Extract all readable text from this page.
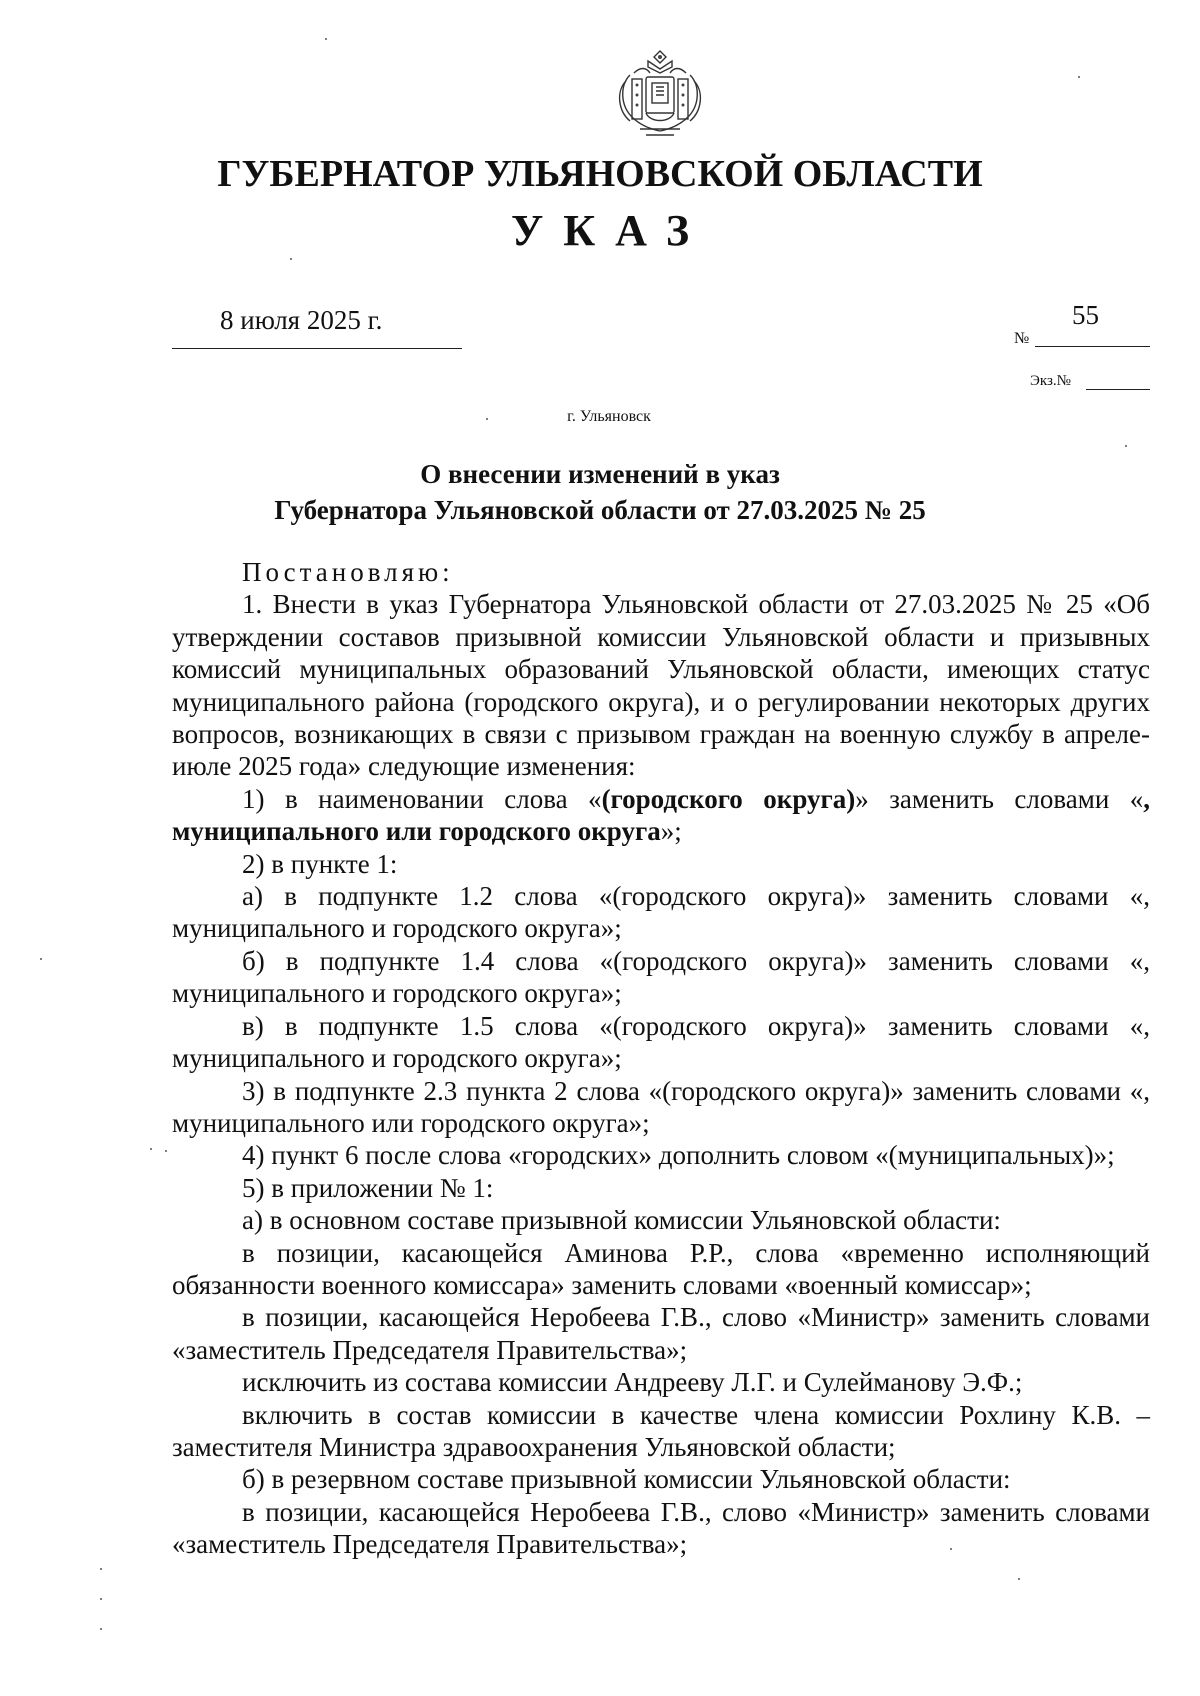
ГУБЕРНАТОР УЛЬЯНОВСКОЙ ОБЛАСТИ
УКАЗ
8 июля 2025 г.	55
№
Экз.№
г. Ульяновск
О внесении изменений в указ
Губернатора Ульяновской области от 27.03.2025 № 25

Постановляю:

1. Внести в указ Губернатора Ульяновской области от 27.03.2025 № 25 «Об утверждении составов призывной комиссии Ульяновской области и призывных комиссий муниципальных образований Ульяновской области, имеющих статус муниципального района (городского округа), и о регулировании некоторых других вопросов, возникающих в связи с призывом граждан на военную службу в апреле-июле 2025 года» следующие изменения:

1) в наименовании слова «(городского округа)» заменить словами «, муниципального или городского округа»;

2) в пункте 1:

а) в подпункте 1.2 слова «(городского округа)» заменить словами «, муниципального и городского округа»;

б) в подпункте 1.4 слова «(городского округа)» заменить словами «, муниципального и городского округа»;

в) в подпункте 1.5 слова «(городского округа)» заменить словами «, муниципального и городского округа»;

3) в подпункте 2.3 пункта 2 слова «(городского округа)» заменить словами «, муниципального или городского округа»;

4) пункт 6 после слова «городских» дополнить словом «(муниципальных)»;

5) в приложении № 1:

а) в основном составе призывной комиссии Ульяновской области:

в позиции, касающейся Аминова Р.Р., слова «временно исполняющий обязанности военного комиссара» заменить словами «военный комиссар»;

в позиции, касающейся Неробеева Г.В., слово «Министр» заменить словами «заместитель Председателя Правительства»;

исключить из состава комиссии Андрееву Л.Г. и Сулейманову Э.Ф.;

включить в состав комиссии в качестве члена комиссии Рохлину К.В. – заместителя Министра здравоохранения Ульяновской области;

б) в резервном составе призывной комиссии Ульяновской области:

в позиции, касающейся Неробеева Г.В., слово «Министр» заменить словами «заместитель Председателя Правительства»;
